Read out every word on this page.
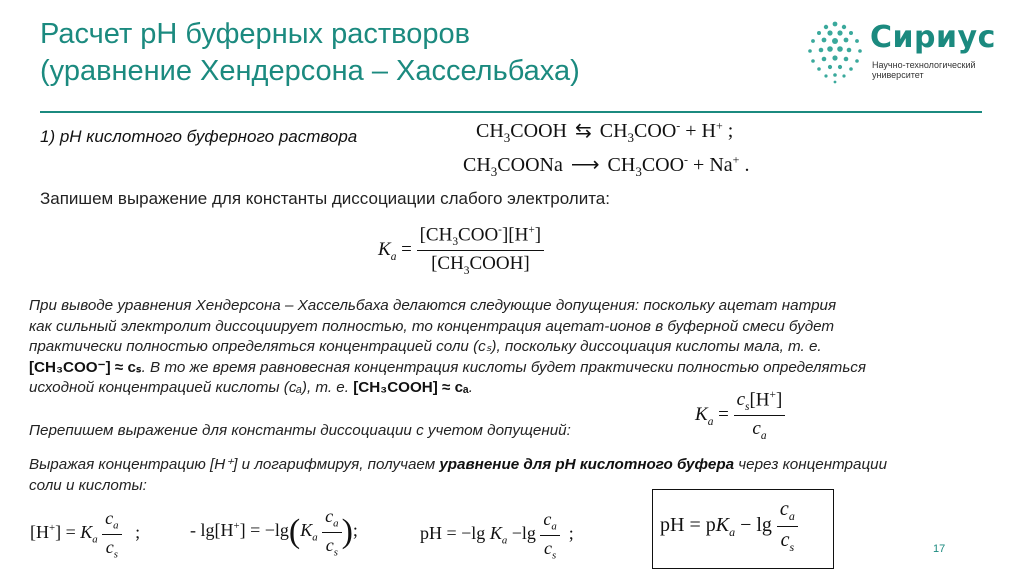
Расчет pH буферных растворов
(уравнение Хендерсона – Хассельбаха)
Сириус
Научно-технологический
университет
1) pH кислотного буферного раствора	$CH_3COOH$ ⇆ $CH_3COO^- + H^+$ ;
$CH_3COONa$ ⟶ $CH_3COO^- + Na^+$ .
Запишем выражение для константы диссоциации слабого электролита:
$K_a = \frac{[CH_3COO^-][H^+]}{[CH_3COOH]}$
При выводе уравнения Хендерсона – Хассельбаха делаются следующие допущения: поскольку ацетат натрия
как сильный электролит диссоциирует полностью, то концентрация ацетат-ионов в буферной смеси будет
практически полностью определяться концентрацией соли (cₛ), поскольку диссоциация кислоты мала, т. е.
[CH₃COO⁻] ≈ cₛ. В то же время равновесная концентрация кислоты будет практически полностью определяться
исходной концентрацией кислоты (cₐ), т. е. [CH₃COOH] ≈ cₐ.
Перепишем выражение для константы диссоциации с учетом допущений:
$K_a = \frac{c_s[H^+]}{c_a}$
Выражая концентрацию [H⁺] и логарифмируя, получаем уравнение для pH кислотного буфера через концентрации
соли и кислоты:
$[H^+] = K_a \frac{c_a}{c_s}$ ;	- $\lg[H^+] = -\lg(K_a \frac{c_a}{c_s}$ );	pH = −lg $K_a -\lg \frac{c_a}{c_s}$ ;	pH = $pK_a - \lg \frac{c_a}{c_s}$	17
